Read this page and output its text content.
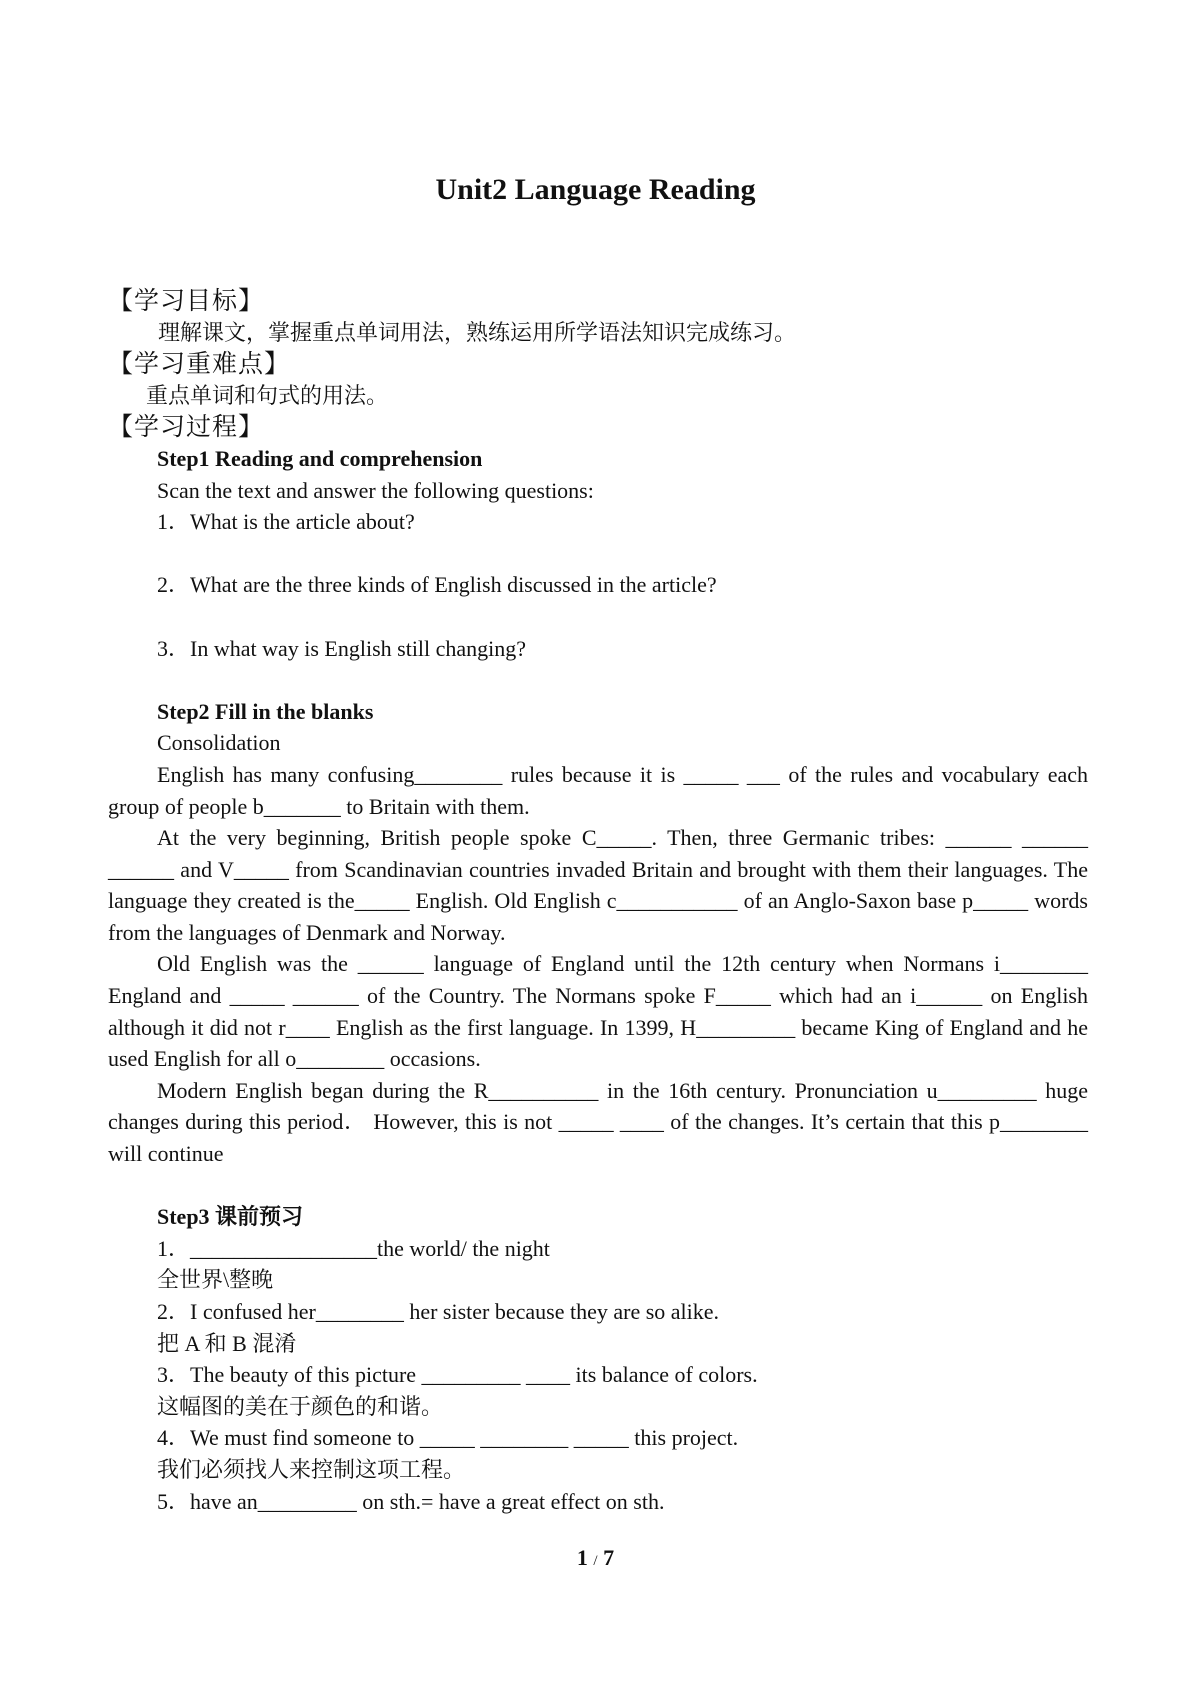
Unit2 Language Reading

【学习目标】

理解课文，掌握重点单词用法，熟练运用所学语法知识完成练习。

【学习重难点】

重点单词和句式的用法。

【学习过程】

Step1 Reading and comprehension

Scan the text and answer the following questions:

1．What is the article about?

2．What are the three kinds of English discussed in the article?

3．In what way is English still changing?

Step2 Fill in the blanks

Consolidation

English has many confusing________ rules because it is _____ ___ of the rules and vocabulary each group of people b_______ to Britain with them.

At the very beginning, British people spoke C_____. Then, three Germanic tribes: ______ ______ ______ and V_____ from Scandinavian countries invaded Britain and brought with them their languages. The language they created is the_____ English. Old English c___________ of an Anglo-Saxon base p_____ words from the languages of Denmark and Norway.

Old English was the ______ language of England until the 12th century when Normans i________ England and _____ ______ of the Country. The Normans spoke F_____ which had an i______ on English although it did not r____ English as the first language. In 1399, H_________ became King of England and he used English for all o________ occasions.

Modern English began during the R__________ in the 16th century. Pronunciation u_________ huge changes during this period． However, this is not _____ ____ of the changes. It’s certain that this p________ will continue

Step3 课前预习

1．_________________the world/ the night

全世界\整晚

2．I confused her________ her sister because they are so alike.

把 A 和 B 混淆

3．The beauty of this picture _________ ____ its balance of colors.

这幅图的美在于颜色的和谐。

4．We must find someone to _____ ________ _____ this project.

我们必须找人来控制这项工程。

5．have an_________ on sth.= have a great effect on sth.

1 / 7
